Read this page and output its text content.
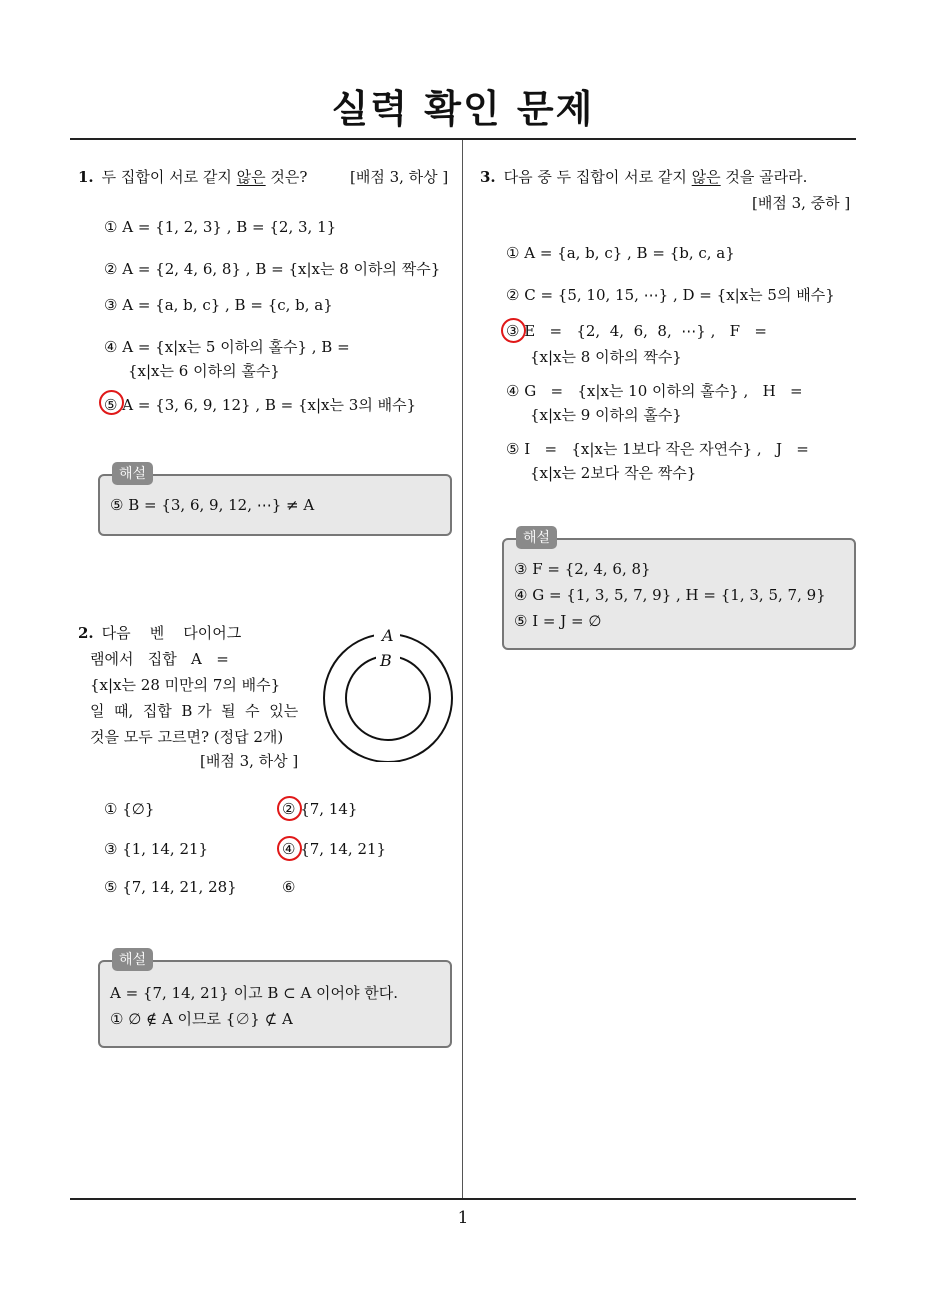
실력 확인 문제
1
1. 두 집합이 서로 같지 않은 것은?	[배점 3, 하상 ]
① A = {1, 2, 3} , B = {2, 3, 1}
② A = {2, 4, 6, 8} , B = {x|x는 8 이하의 짝수}
③ A = {a, b, c} , B = {c, b, a}
④ A = {x|x는 5 이하의 홀수} , B =
{x|x는 6 이하의 홀수}
⑤ A = {3, 6, 9, 12} , B = {x|x는 3의 배수}
해설
⑤ B = {3, 6, 9, 12, ⋯} ≠ A
2. 다음    벤    다이어그
램에서   집합   A   =
{x|x는 28 미만의 7의 배수}
일  때,  집합  B 가  될  수  있는
것을 모두 고르면? (정답 2개)
[배점 3, 하상 ]
A
B
① {∅}	② {7, 14}
③ {1, 14, 21}	④ {7, 14, 21}
⑤ {7, 14, 21, 28}	⑥
해설
A = {7, 14, 21} 이고 B ⊂ A 이어야 한다.
① ∅ ∉ A 이므로 {∅} ⊄ A
3. 다음 중 두 집합이 서로 같지 않은 것을 골라라.
[배점 3, 중하 ]
① A = {a, b, c} , B = {b, c, a}
② C = {5, 10, 15, ⋯} , D = {x|x는 5의 배수}
③ E   =   {2,  4,  6,  8,  ⋯} ,   F   =
{x|x는 8 이하의 짝수}
④ G   =   {x|x는 10 이하의 홀수} ,   H   =
{x|x는 9 이하의 홀수}
⑤ I   =   {x|x는 1보다 작은 자연수} ,   J   =
{x|x는 2보다 작은 짝수}
해설
③ F = {2, 4, 6, 8}
④ G = {1, 3, 5, 7, 9} , H = {1, 3, 5, 7, 9}
⑤ I = J = ∅
